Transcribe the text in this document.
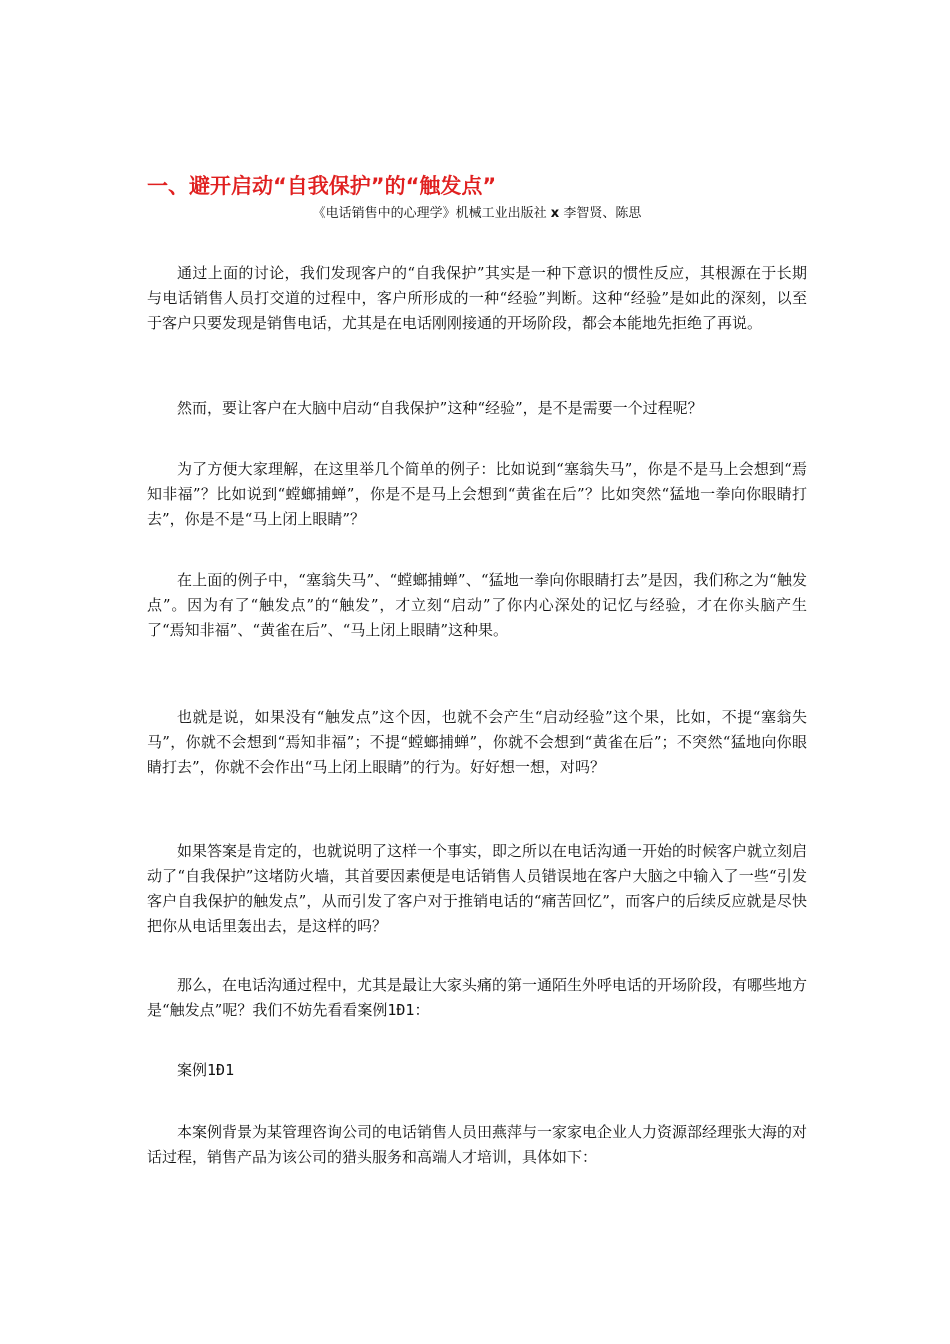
一、避开启动“自我保护”的“触发点”
《电话销售中的心理学》机械工业出版社 x 李智贤、陈思

通过上面的讨论，我们发现客户的“自我保护”其实是一种下意识的惯性反应，其根源在于长期与电话销售人员打交道的过程中，客户所形成的一种“经验”判断。这种“经验”是如此的深刻，以至于客户只要发现是销售电话，尤其是在电话刚刚接通的开场阶段，都会本能地先拒绝了再说。

然而，要让客户在大脑中启动“自我保护”这种“经验”，是不是需要一个过程呢？

为了方便大家理解，在这里举几个简单的例子：比如说到“塞翁失马”，你是不是马上会想到“焉知非福”？比如说到“螳螂捕蝉”，你是不是马上会想到“黄雀在后”？比如突然“猛地一拳向你眼睛打去”，你是不是“马上闭上眼睛”？

在上面的例子中，“塞翁失马”、“螳螂捕蝉”、“猛地一拳向你眼睛打去”是因，我们称之为“触发点”。因为有了“触发点”的“触发”，才立刻“启动”了你内心深处的记忆与经验，才在你头脑产生了“焉知非福”、“黄雀在后”、“马上闭上眼睛”这种果。

也就是说，如果没有“触发点”这个因，也就不会产生“启动经验”这个果，比如，不提“塞翁失马”，你就不会想到“焉知非福”；不提“螳螂捕蝉”，你就不会想到“黄雀在后”；不突然“猛地向你眼睛打去”，你就不会作出“马上闭上眼睛”的行为。好好想一想，对吗？

如果答案是肯定的，也就说明了这样一个事实，即之所以在电话沟通一开始的时候客户就立刻启动了“自我保护”这堵防火墙，其首要因素便是电话销售人员错误地在客户大脑之中输入了一些“引发客户自我保护的触发点”，从而引发了客户对于推销电话的“痛苦回忆”，而客户的后续反应就是尽快把你从电话里轰出去，是这样的吗？

那么，在电话沟通过程中，尤其是最让大家头痛的第一通陌生外呼电话的开场阶段，有哪些地方是“触发点”呢？我们不妨先看看案例1Ð1：

案例1Ð1

本案例背景为某管理咨询公司的电话销售人员田燕萍与一家家电企业人力资源部经理张大海的对话过程，销售产品为该公司的猎头服务和高端人才培训，具体如下：
